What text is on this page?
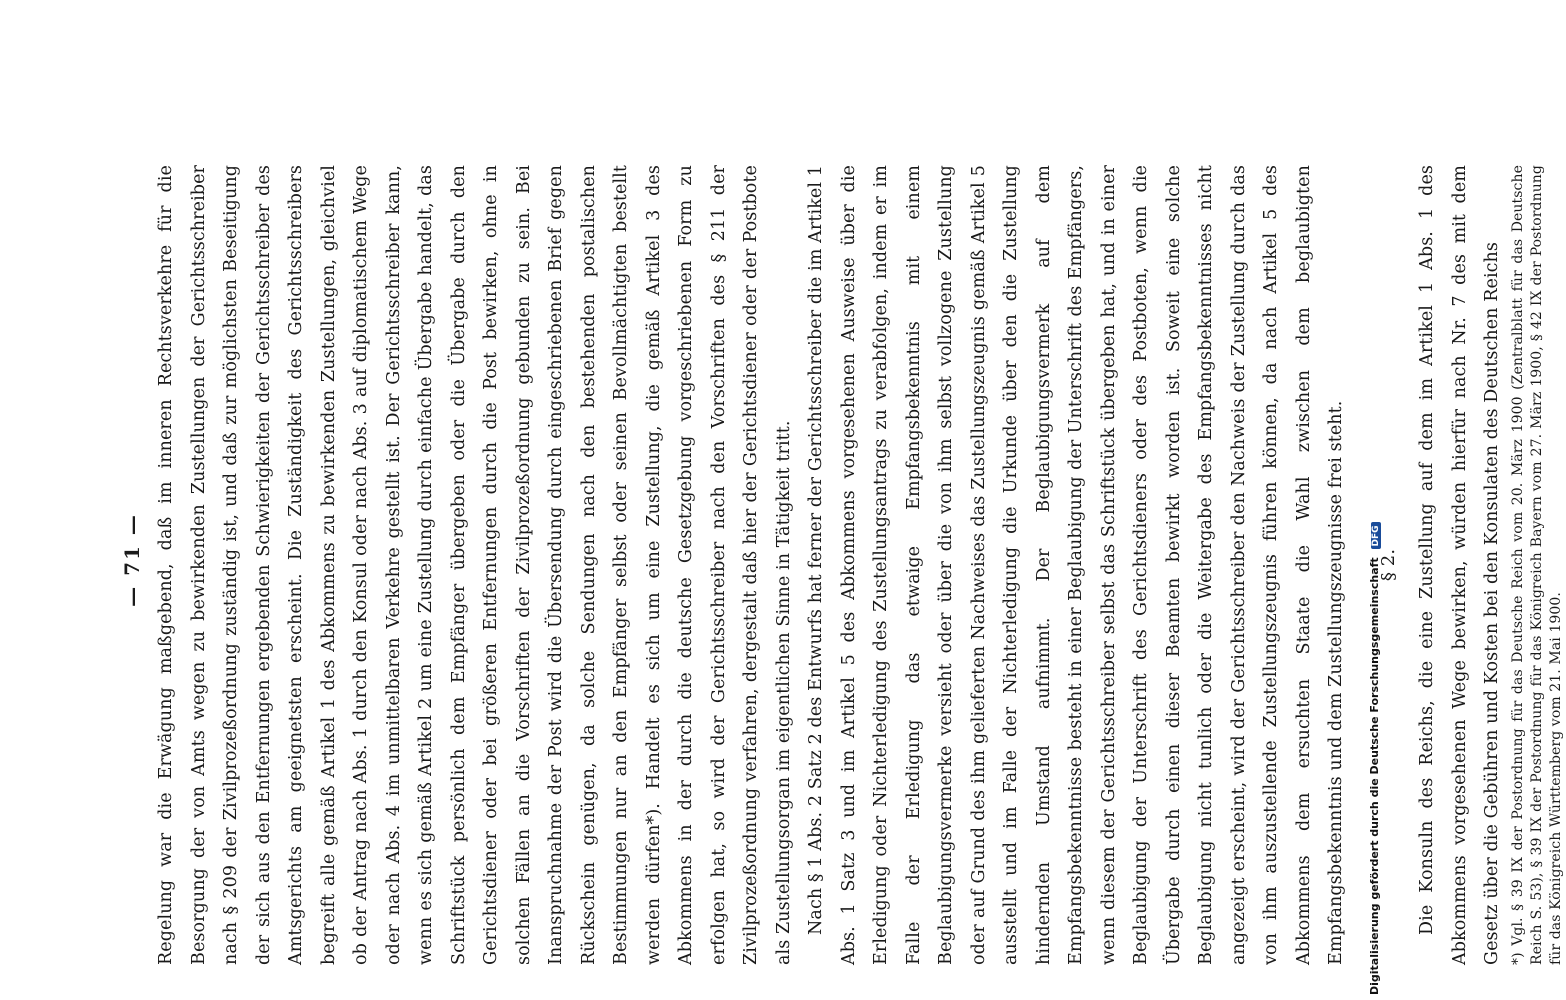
— 71 — Regelung war die Erwägung maßgebend, daß im inneren Rechtsverkehre für die Besorgung der von Amts wegen zu bewirkenden Zustellungen der Gerichtsschreiber nach § 209 der Zivilprozeßordnung zuständig ist, und daß zur möglichsten Beseitigung der sich aus den Entfernungen ergebenden Schwierigkeiten der Gerichtsschreiber des Amtsgerichts am geeignetsten erscheint. Die Zuständigkeit des Gerichtsschreibers begreift alle gemäß Artikel 1 des Abkommens zu bewirkenden Zustellungen, gleichviel ob der Antrag nach Abs. 1 durch den Konsul oder nach Abs. 3 auf diplomatischem Wege oder nach Abs. 4 im unmittelbaren Verkehre gestellt ist. Der Gerichtsschreiber kann, wenn es sich gemäß Artikel 2 um eine Zustellung durch einfache Übergabe handelt, das Schriftstück persönlich dem Empfänger übergeben oder die Übergabe durch den Gerichtsdiener oder bei größeren Entfernungen durch die Post bewirken, ohne in solchen Fällen an die Vorschriften der Zivilprozeßordnung gebunden zu sein. Bei Inanspruchnahme der Post wird die Übersendung durch eingeschriebenen Brief gegen Rückschein genügen, da solche Sendungen nach den bestehenden postalischen Bestimmungen nur an den Empfänger selbst oder seinen Bevollmächtigten bestellt werden dürfen*). Handelt es sich um eine Zustellung, die gemäß Artikel 3 des Abkommens in der durch die deutsche Gesetzgebung vorgeschriebenen Form zu erfolgen hat, so wird der Gerichtsschreiber nach den Vorschriften des § 211 der Zivilprozeßordnung verfahren, dergestalt daß hier der Gerichtsdiener oder der Postbote als Zustellungsorgan im eigentlichen Sinne in Tätigkeit tritt. Nach § 1 Abs. 2 Satz 2 des Entwurfs hat ferner der Gerichtsschreiber die im Artikel 1 Abs. 1 Satz 3 und im Artikel 5 des Abkommens vorgesehenen Ausweise über die Erledigung oder Nichterledigung des Zustellungsantrags zu verabfolgen, indem er im Falle der Erledigung das etwaige Empfangsbekenntnis mit einem Beglaubigungsvermerke versieht oder über die von ihm selbst vollzogene Zustellung oder auf Grund des ihm gelieferten Nachweises das Zustellungszeugnis gemäß Artikel 5 ausstellt und im Falle der Nichterledigung die Urkunde über den die Zustellung hindernden Umstand aufnimmt. Der Beglaubigungsvermerk auf dem Empfangsbekenntnisse besteht in einer Beglaubigung der Unterschrift des Empfängers, wenn diesem der Gerichtsschreiber selbst das Schriftstück übergeben hat, und in einer Beglaubigung der Unterschrift des Gerichtsdieners oder des Postboten, wenn die Übergabe durch einen dieser Beamten bewirkt worden ist. Soweit eine solche Beglaubigung nicht tunlich oder die Weitergabe des Empfangsbekenntnisses nicht angezeigt erscheint, wird der Gerichtsschreiber den Nachweis der Zustellung durch das von ihm auszustellende Zustellungszeugnis führen können, da nach Artikel 5 des Abkommens dem ersuchten Staate die Wahl zwischen dem beglaubigten Empfangsbekenntnis und dem Zustellungszeugnisse frei steht.	§ 2.	Die Konsuln des Reichs, die eine Zustellung auf dem im Artikel 1 Abs. 1 des Abkommens vorgesehenen Wege bewirken, würden hierfür nach Nr. 7 des mit dem Gesetz über die Gebühren und Kosten bei den Konsulaten des Deutschen Reichs *) Vgl. § 39 IX der Postordnung für das Deutsche Reich vom 20. März 1900 (Zentralblatt für das Deutsche Reich S. 53), § 39 IX der Postordnung für das Königreich Bayern vom 27. März 1900, § 42 IX der Postordnung für das Königreich Württemberg vom 21. Mai 1900.

Digitalisierung gefördert durch die Deutsche Forschungsgemeinschaft DFG
